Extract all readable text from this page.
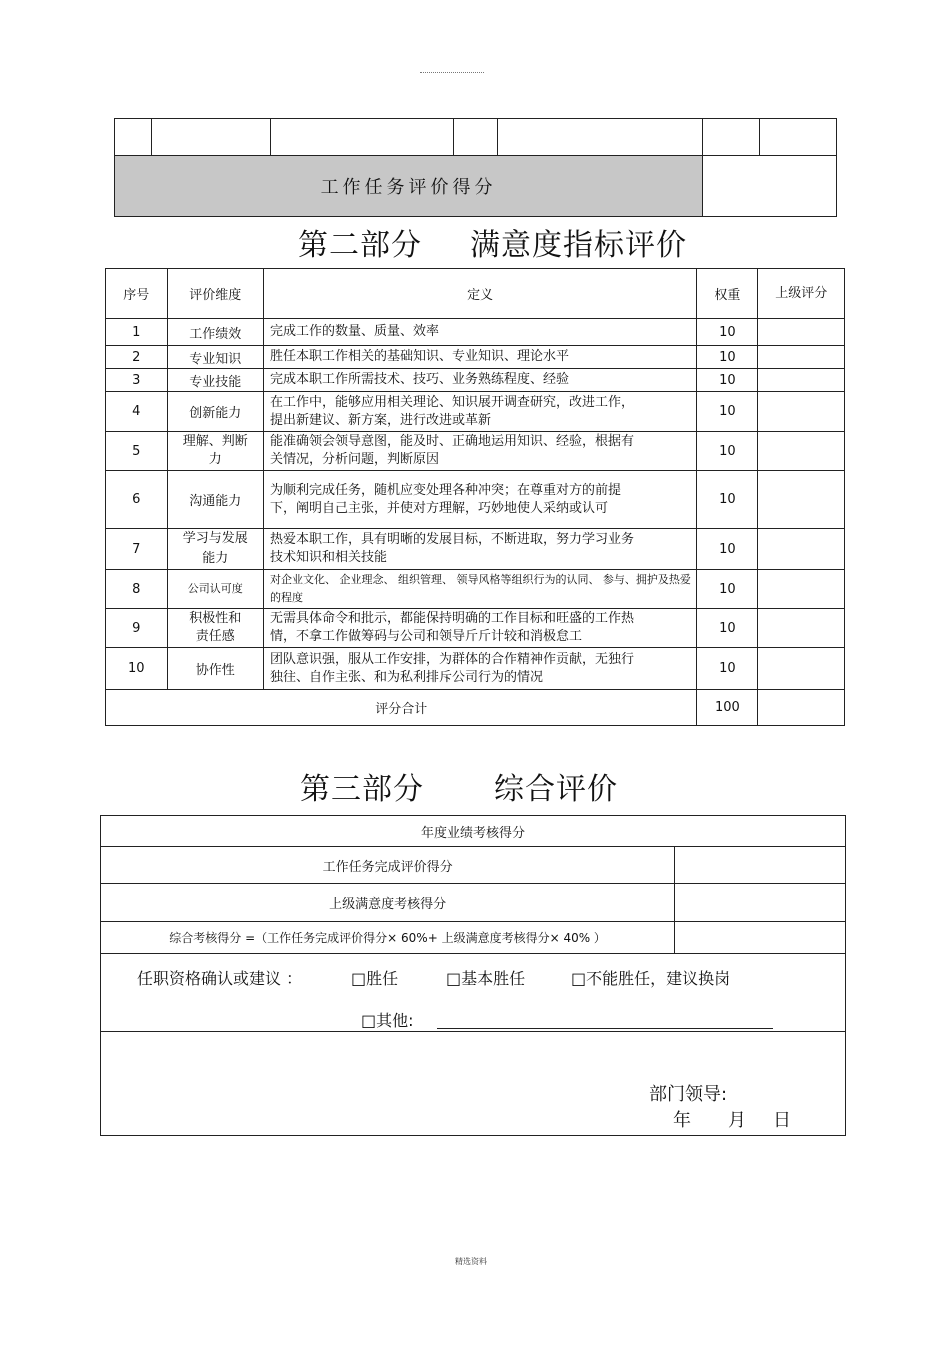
工作任务评价得分						
第二部分 满意度指标评价
序号	评价维度	定义	权重	上级评分
1	工作绩效	完成工作的数量、质量、效率	10	
2	专业知识	胜任本职工作相关的基础知识、专业知识、理论水平	10	
3	专业技能	完成本职工作所需技术、技巧、业务熟练程度、经验	10	
4	创新能力	在工作中，能够应用相关理论、知识展开调查研究，改进工作，提出新建议、新方案，进行改进或革新	10	
5	理解、判断力	能准确领会领导意图，能及时、正确地运用知识、经验，根据有关情况，分析问题，判断原因	10	
6	沟通能力	为顺利完成任务，随机应变处理各种冲突；在尊重对方的前提下，阐明自己主张，并使对方理解，巧妙地使人采纳或认可	10	
7	学习与发展能力	热爱本职工作，具有明晰的发展目标，不断进取，努力学习业务技术知识和相关技能	10	
8	公司认可度	对企业文化、 企业理念、 组织管理、 领导风格等组织行为的认同、 参与、拥护及热爱的程度	10	
9	积极性和责任感	无需具体命令和批示，都能保持明确的工作目标和旺盛的工作热情，不拿工作做筹码与公司和领导斤斤计较和消极怠工	10	
10	协作性	团队意识强，服从工作安排，为群体的合作精神作贡献，无独行独往、自作主张、和为私利排斥公司行为的情况	10	
评分合计			100	
第三部分 综合评价
年度业绩考核得分	
工作任务完成评价得分	
上级满意度考核得分	
综合考核得分 =（工作任务完成评价得分× 60%+ 上级满意度考核得分× 40% ）	

任职资格确认或建议 ： □胜任 □基本胜任 □不能胜任，建议换岗
□其他:	

部门领导:
年 月 日	
精选资料
